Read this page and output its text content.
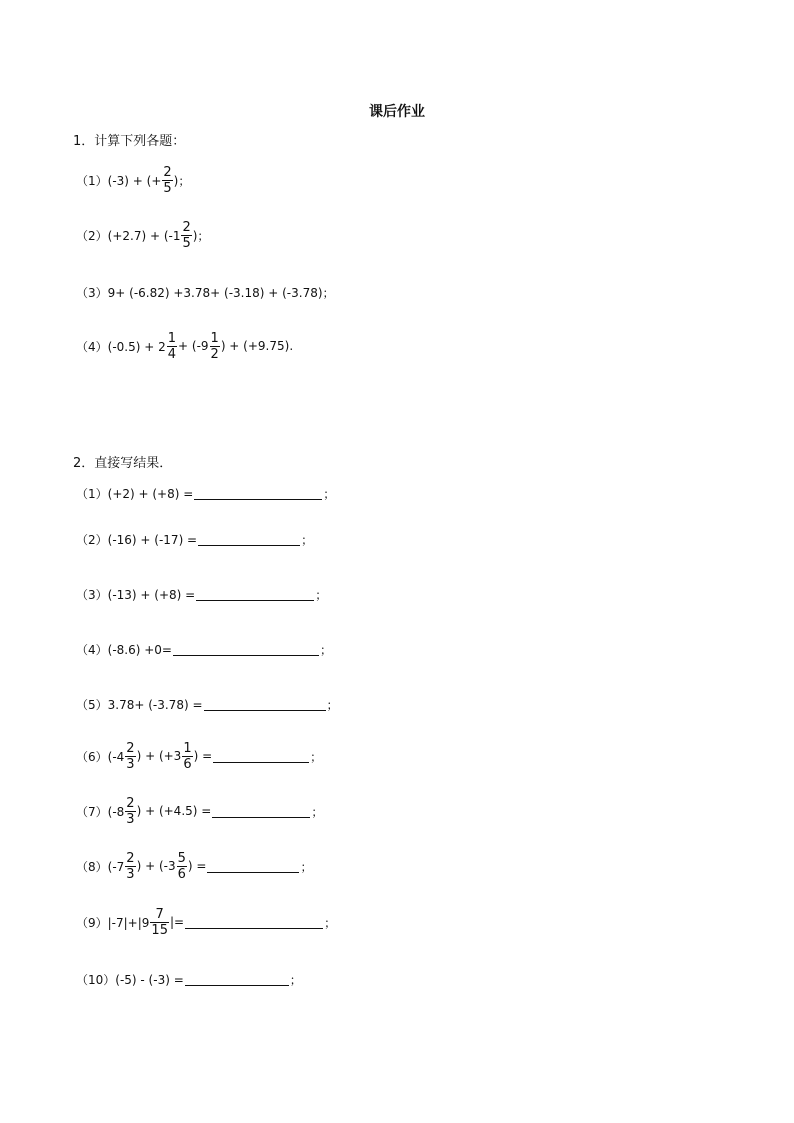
课后作业
1．计算下列各题：
（1）(-3) + (+ $\frac{2}{5}$ )；
$(2)(+2.7) + (-1 \frac{2}{5}$ )；
（3）9+ (-6.82) +3.78+ (-3.18) + (-3.78)；
$(4)(-0.5) + 2 \frac{1}{4} + (-9 \frac{1}{2}$ ) + (+9.75).
2．直接写结果．
（1）(+2) + (+8) =	；
（2）(-16) + (-17) =	；
（3）(-13) + (+8) =	；
（4）(-8.6) +0=	；
（5）3.78+ (-3.78) =	；
$(6)(-4 \frac{2}{3}$ ) + ($+3 \frac{1}{6}$ ) =	；
$(7)(-8 \frac{2}{3}$ ) + (+4.5) =	；
$(8)(-7 \frac{2}{3}$ ) + ($-3 \frac{5}{6}$ ) =	；
$(9)|-7|+|9 \frac{7}{15}$ |=	；
（10）(-5) - (-3) =	；
